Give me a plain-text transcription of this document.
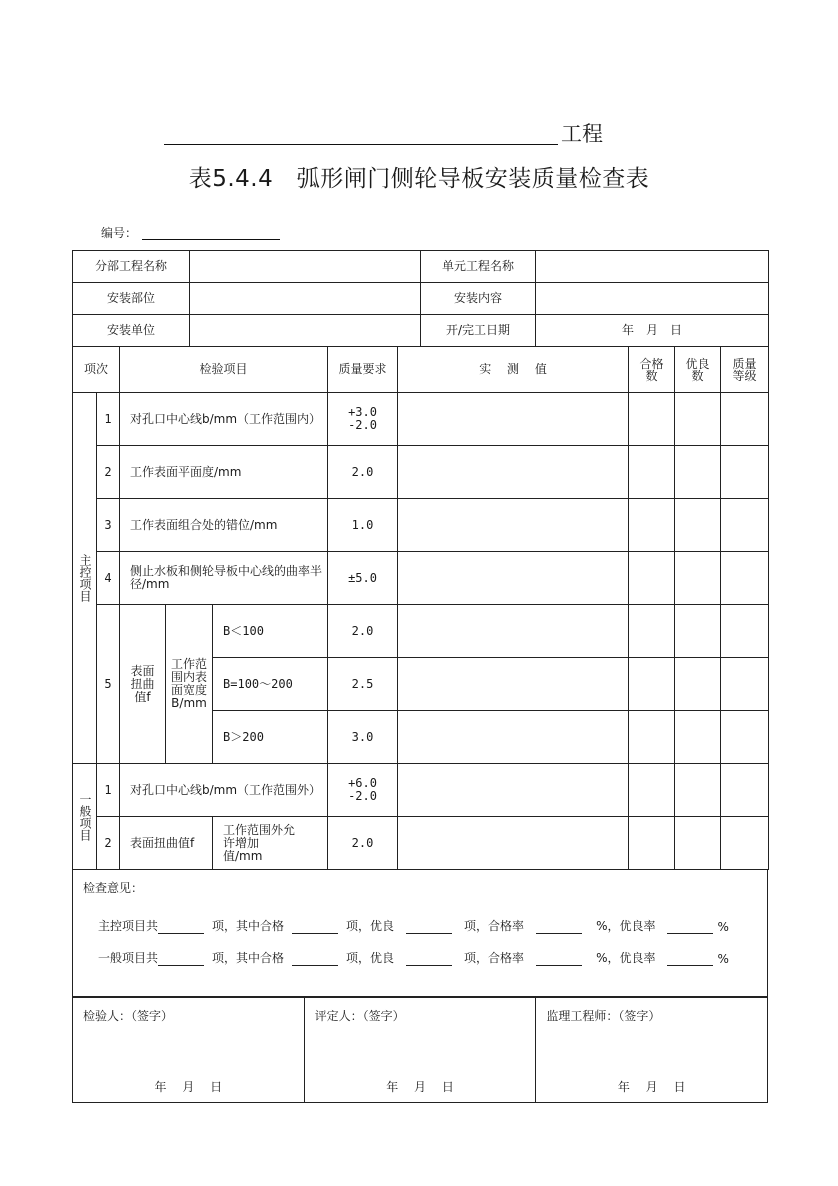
工程
表5.4.4　弧形闸门侧轮导板安装质量检查表
编号：
分部工程名称								单元工程名称				
安装部位								安装内容				
安装单位								开/完工日期	年　月　日			
项次		检验项目				质量要求	实　 测　 值			合格数	优良数	质量等级

主控项目	1	对孔口中心线b/mm（工作范围内）				+3.0
-2.0						
	2	工作表面平面度/mm				2.0						
	3	工作表面组合处的错位/mm				1.0						
	4	侧止水板和侧轮导板中心线的曲率半径/mm				±5.0						
	5	表面扭曲值f	工作范围内表面宽度B/mm		B＜100	2.0						
					B=100～200	2.5						
					B＞200	3.0						

一般项目	1	对孔口中心线b/mm（工作范围外）				+6.0
-2.0						
	2	表面扭曲值f			工作范围外允许增加值/mm	2.0						
检查意见：
主控项目共	项，其中合格	项，优良	项，合格率	%，优良率	%
一般项目共	项，其中合格	项，优良	项，合格率	%，优良率	%
检验人：（签字）
年 月 日
评定人：（签字）
年 月 日
监理工程师：（签字）
年 月 日
